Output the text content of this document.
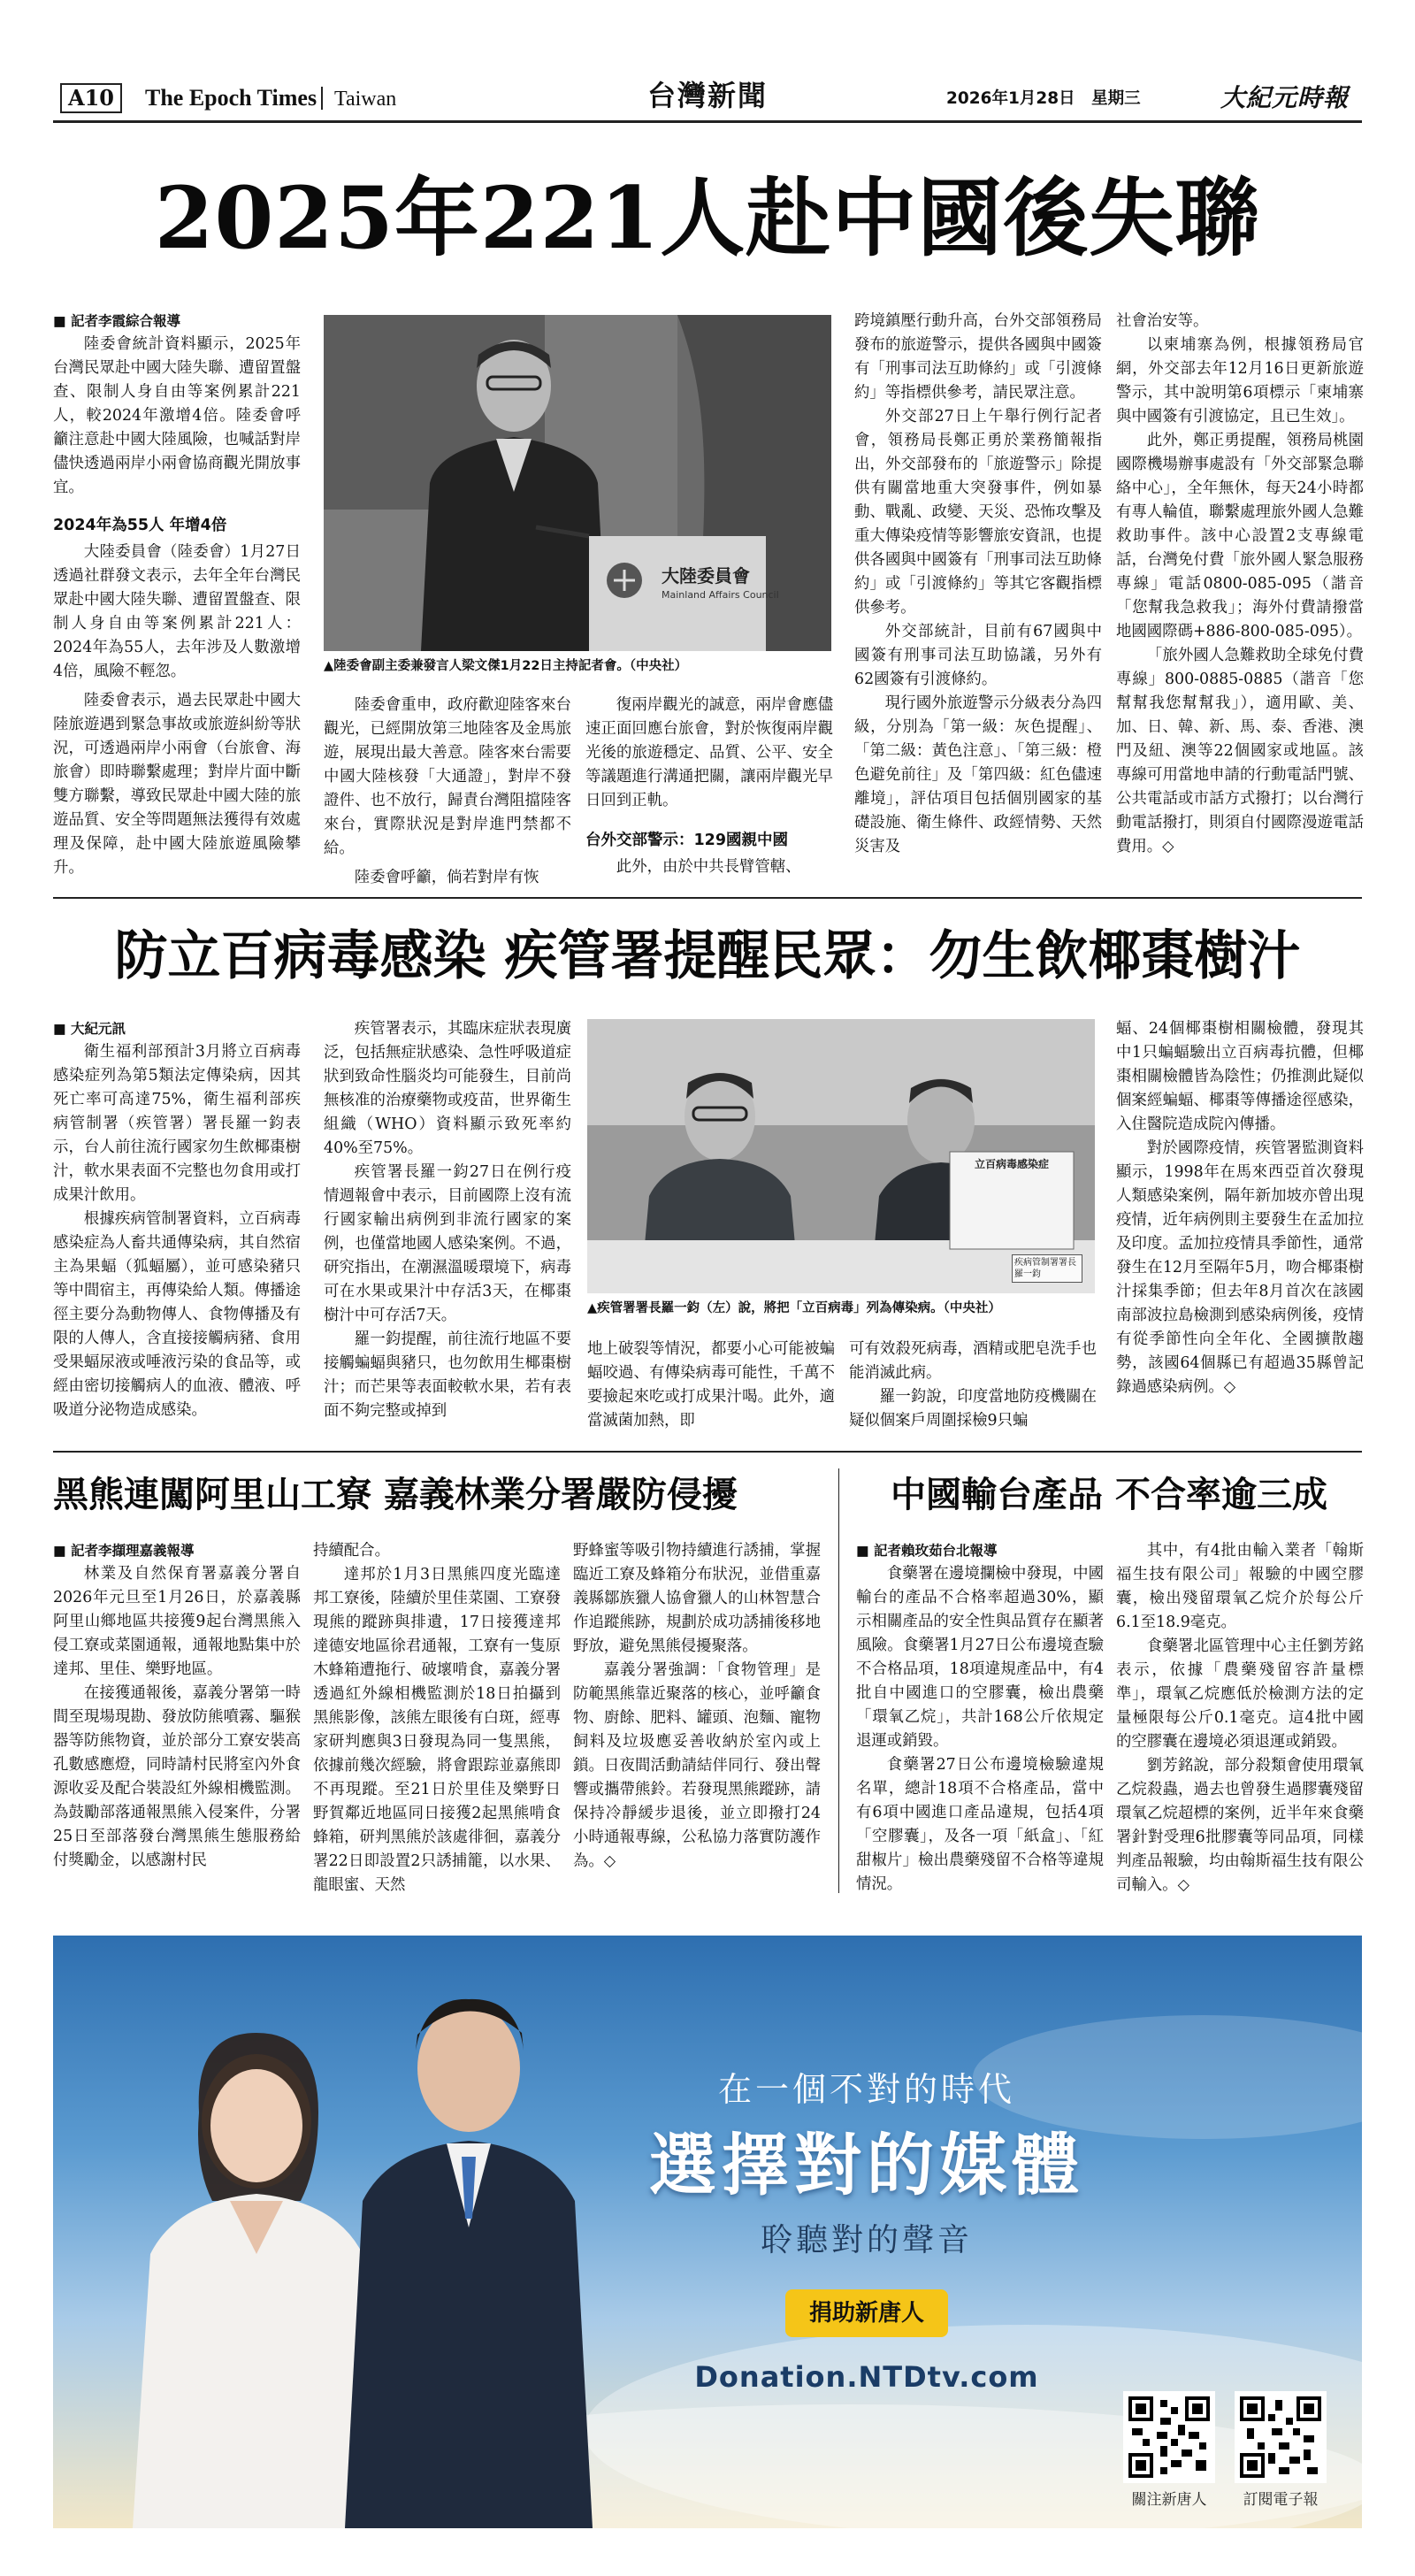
A10	The Epoch Times Taiwan	台灣新聞	2026年1月28日　星期三	大紀元時報
2025年221人赴中國後失聯
■ 記者李霞綜合報導

陸委會統計資料顯示，2025年台灣民眾赴中國大陸失聯、遭留置盤查、限制人身自由等案例累計221人，較2024年激增4倍。陸委會呼籲注意赴中國大陸風險，也喊話對岸儘快透過兩岸小兩會協商觀光開放事宜。

2024年為55人 年增4倍

大陸委員會（陸委會）1月27日透過社群發文表示，去年全年台灣民眾赴中國大陸失聯、遭留置盤查、限制人身自由等案例累計221人：2024年為55人，去年涉及人數激增4倍，風險不輕忽。

陸委會表示，過去民眾赴中國大陸旅遊遇到緊急事故或旅遊糾紛等狀況，可透過兩岸小兩會（台旅會、海旅會）即時聯繫處理；對岸片面中斷雙方聯繫，導致民眾赴中國大陸的旅遊品質、安全等問題無法獲得有效處理及保障，赴中國大陸旅遊風險攀升。

大陸委員會
Mainland Affairs Council
▲陸委會副主委兼發言人梁文傑1月22日主持記者會。（中央社）

陸委會重申，政府歡迎陸客來台觀光，已經開放第三地陸客及金馬旅遊，展現出最大善意。陸客來台需要中國大陸核發「大通證」，對岸不發證件、也不放行，歸責台灣阻擋陸客來台，實際狀況是對岸進門禁都不給。

陸委會呼籲，倘若對岸有恢

復兩岸觀光的誠意，兩岸會應儘速正面回應台旅會，對於恢復兩岸觀光後的旅遊穩定、品質、公平、安全等議題進行溝通把關，讓兩岸觀光早日回到正軌。

台外交部警示：129國親中國

此外，由於中共長臂管轄、

跨境鎮壓行動升高，台外交部領務局發布的旅遊警示，提供各國與中國簽有「刑事司法互助條約」或「引渡條約」等指標供參考，請民眾注意。

外交部27日上午舉行例行記者會，領務局長鄭正勇於業務簡報指出，外交部發布的「旅遊警示」除提供有關當地重大突發事件，例如暴動、戰亂、政變、天災、恐怖攻擊及重大傳染疫情等影響旅安資訊，也提供各國與中國簽有「刑事司法互助條約」或「引渡條約」等其它客觀指標供參考。

外交部統計，目前有67國與中國簽有刑事司法互助協議，另外有62國簽有引渡條約。

現行國外旅遊警示分級表分為四級，分別為「第一級：灰色提醒」、「第二級：黃色注意」、「第三級：橙色避免前往」及「第四級：紅色儘速離境」，評估項目包括個別國家的基礎設施、衛生條件、政經情勢、天然災害及

社會治安等。

以柬埔寨為例，根據領務局官網，外交部去年12月16日更新旅遊警示，其中說明第6項標示「柬埔寨與中國簽有引渡協定，且已生效」。

此外，鄭正勇提醒，領務局桃園國際機場辦事處設有「外交部緊急聯絡中心」，全年無休，每天24小時都有專人輪值，聯繫處理旅外國人急難救助事件。該中心設置2支專線電話，台灣免付費「旅外國人緊急服務專線」電話0800-085-095（諧音「您幫我急救我」；海外付費請撥當地國國際碼+886-800-085-095）。

「旅外國人急難救助全球免付費專線」800-0885-0885（諧音「您幫幫我您幫幫我」），適用歐、美、加、日、韓、新、馬、泰、香港、澳門及紐、澳等22個國家或地區。該專線可用當地申請的行動電話門號、公共電話或市話方式撥打；以台灣行動電話撥打，則須自付國際漫遊電話費用。◇

防立百病毒感染 疾管署提醒民眾：勿生飲椰棗樹汁
■ 大紀元訊

衛生福利部預計3月將立百病毒感染症列為第5類法定傳染病，因其死亡率可高達75%，衛生福利部疾病管制署（疾管署）署長羅一鈞表示，台人前往流行國家勿生飲椰棗樹汁，軟水果表面不完整也勿食用或打成果汁飲用。

根據疾病管制署資料，立百病毒感染症為人畜共通傳染病，其自然宿主為果蝠（狐蝠屬），並可感染豬只等中間宿主，再傳染給人類。傳播途徑主要分為動物傳人、食物傳播及有限的人傳人，含直接接觸病豬、食用受果蝠尿液或唾液污染的食品等，或經由密切接觸病人的血液、體液、呼吸道分泌物造成感染。

疾管署表示，其臨床症狀表現廣泛，包括無症狀感染、急性呼吸道症狀到致命性腦炎均可能發生，目前尚無核准的治療藥物或疫苗，世界衛生組織（WHO）資料顯示致死率約40%至75%。

疾管署長羅一鈞27日在例行疫情週報會中表示，目前國際上沒有流行國家輸出病例到非流行國家的案例，也僅當地國人感染案例。不過，研究指出，在潮濕溫暖環境下，病毒可在水果或果汁中存活3天，在椰棗樹汁中可存活7天。

羅一鈞提醒，前往流行地區不要接觸蝙蝠與豬只，也勿飲用生椰棗樹汁；而芒果等表面較軟水果，若有表面不夠完整或掉到

立百病毒感染症
疾病管制署署長 羅一鈞
▲疾管署署長羅一鈞（左）說，將把「立百病毒」列為傳染病。（中央社）

地上破裂等情況，都要小心可能被蝙蝠咬過、有傳染病毒可能性，千萬不要撿起來吃或打成果汁喝。此外，適當滅菌加熱，即

可有效殺死病毒，酒精或肥皂洗手也能消滅此病。

羅一鈞說，印度當地防疫機關在疑似個案戶周圍採檢9只蝙

蝠、24個椰棗樹相關檢體，發現其中1只蝙蝠驗出立百病毒抗體，但椰棗相關檢體皆為陰性；仍推測此疑似個案經蝙蝠、椰棗等傳播途徑感染，入住醫院造成院內傳播。

對於國際疫情，疾管署監測資料顯示，1998年在馬來西亞首次發現人類感染案例，隔年新加坡亦曾出現疫情，近年病例則主要發生在孟加拉及印度。孟加拉疫情具季節性，通常發生在12月至隔年5月，吻合椰棗樹汁採集季節；但去年8月首次在該國南部波拉島檢測到感染病例後，疫情有從季節性向全年化、全國擴散趨勢，該國64個縣已有超過35縣曾記錄過感染病例。◇

黑熊連闖阿里山工寮 嘉義林業分署嚴防侵擾
■ 記者李擷理嘉義報導

林業及自然保育署嘉義分署自2026年元旦至1月26日，於嘉義縣阿里山鄉地區共接獲9起台灣黑熊入侵工寮或菜園通報，通報地點集中於達邦、里佳、樂野地區。

在接獲通報後，嘉義分署第一時間至現場現勘、發放防熊噴霧、驅猴器等防熊物資，並於部分工寮安裝高孔數感應燈，同時請村民將室內外食源收妥及配合裝設紅外線相機監測。為鼓勵部落通報黑熊入侵案件，分署25日至部落發台灣黑熊生態服務給付獎勵金，以感謝村民

持續配合。

達邦於1月3日黑熊四度光臨達邦工寮後，陸續於里佳菜園、工寮發現熊的蹤跡與排遺，17日接獲達邦達德安地區徐君通報，工寮有一隻原木蜂箱遭拖行、破壞啃食，嘉義分署透過紅外線相機監測於18日拍攝到黑熊影像，該熊左眼後有白斑，經專家研判應與3日發現為同一隻黑熊，依據前幾次經驗，將會跟踪並嘉熊即不再現蹤。至21日於里佳及樂野日野賀鄰近地區同日接獲2起黑熊啃食蜂箱，研判黑熊於該處徘徊，嘉義分署22日即設置2只誘捕籠，以水果、龍眼蜜、天然

野蜂蜜等吸引物持續進行誘捕，掌握臨近工寮及蜂箱分布狀況，並借重嘉義縣鄒族獵人協會獵人的山林智慧合作追蹤熊跡，規劃於成功誘捕後移地野放，避免黑熊侵擾聚落。

嘉義分署強調：「食物管理」是防範黑熊靠近聚落的核心，並呼籲食物、廚餘、肥料、罐頭、泡麵、寵物飼料及垃圾應妥善收納於室內或上鎖。日夜間活動請結伴同行、發出聲響或攜帶熊鈴。若發現黑熊蹤跡，請保持冷靜緩步退後，並立即撥打24小時通報專線，公私協力落實防護作為。◇

中國輸台產品 不合率逾三成
■ 記者賴玫茹台北報導

食藥署在邊境攔檢中發現，中國輸台的產品不合格率超過30%，顯示相關產品的安全性與品質存在顯著風險。食藥署1月27日公布邊境查驗不合格品項，18項違規產品中，有4批自中國進口的空膠囊，檢出農藥「環氧乙烷」，共計168公斤依規定退運或銷毀。

食藥署27日公布邊境檢驗違規名單，總計18項不合格產品，當中有6項中國進口產品違規，包括4項「空膠囊」，及各一項「紙盒」、「紅甜椒片」檢出農藥殘留不合格等違規情況。

其中，有4批由輸入業者「翰斯福生技有限公司」報驗的中國空膠囊，檢出殘留環氧乙烷介於每公斤6.1至18.9毫克。

食藥署北區管理中心主任劉芳銘表示，依據「農藥殘留容許量標準」，環氧乙烷應低於檢測方法的定量極限每公斤0.1毫克。這4批中國的空膠囊在邊境必須退運或銷毀。

劉芳銘說，部分殺類會使用環氧乙烷殺蟲，過去也曾發生過膠囊殘留環氧乙烷超標的案例，近半年來食藥署針對受理6批膠囊等同品項，同樣判產品報驗，均由翰斯福生技有限公司輸入。◇

在一個不對的時代
選擇對的媒體
聆聽對的聲音
捐助新唐人
Donation.NTDtv.com
關注新唐人	訂閱電子報
